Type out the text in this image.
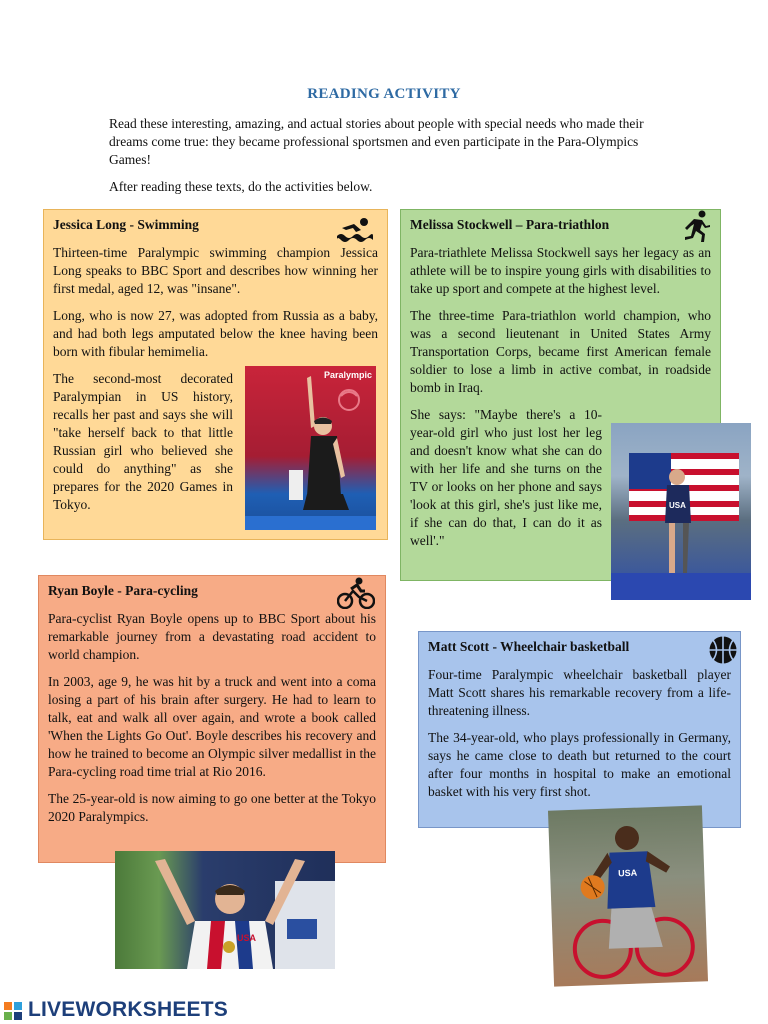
READING ACTIVITY

Read these interesting, amazing, and actual stories about people with special needs who made their dreams come true: they became professional sportsmen and even participate in the Para-Olympics Games!

After reading these texts, do the activities below.

Jessica Long - Swimming

Thirteen-time Paralympic swimming champion Jessica Long speaks to BBC Sport and describes how winning her first medal, aged 12, was "insane".

Long, who is now 27, was adopted from Russia as a baby, and had both legs amputated below the knee having been born with fibular hemimelia.

The second-most decorated Paralympian in US history, recalls her past and says she will "take herself back to that little Russian girl who believed she could do anything" as she prepares for the 2020 Games in Tokyo.

Paralympic
Melissa Stockwell – Para-triathlon

Para-triathlete Melissa Stockwell says her legacy as an athlete will be to inspire young girls with disabilities to take up sport and compete at the highest level.

The three-time Para-triathlon world champion, who was a second lieutenant in United States Army Transportation Corps, became first American female soldier to lose a limb in active combat, in roadside bomb in Iraq.

She says: "Maybe there's a 10-year-old girl who just lost her leg and doesn't know what she can do with her life and she turns on the TV or looks on her phone and says 'look at this girl, she's just like me, if she can do that, I can do it as well'."

USA
Ryan Boyle - Para-cycling

Para-cyclist Ryan Boyle opens up to BBC Sport about his remarkable journey from a devastating road accident to world champion.

In 2003, age 9, he was hit by a truck and went into a coma losing a part of his brain after surgery. He had to learn to talk, eat and walk all over again, and wrote a book called 'When the Lights Go Out'. Boyle describes his recovery and how he trained to become an Olympic silver medallist in the Para-cycling road time trial at Rio 2016.

The 25-year-old is now aiming to go one better at the Tokyo 2020 Paralympics.

USA
Matt Scott - Wheelchair basketball

Four-time Paralympic wheelchair basketball player Matt Scott shares his remarkable recovery from a life-threatening illness.

The 34-year-old, who plays professionally in Germany, says he came close to death but returned to the court after four months in hospital to make an emotional basket with his very first shot.

USA
LIVEWORKSHEETS
